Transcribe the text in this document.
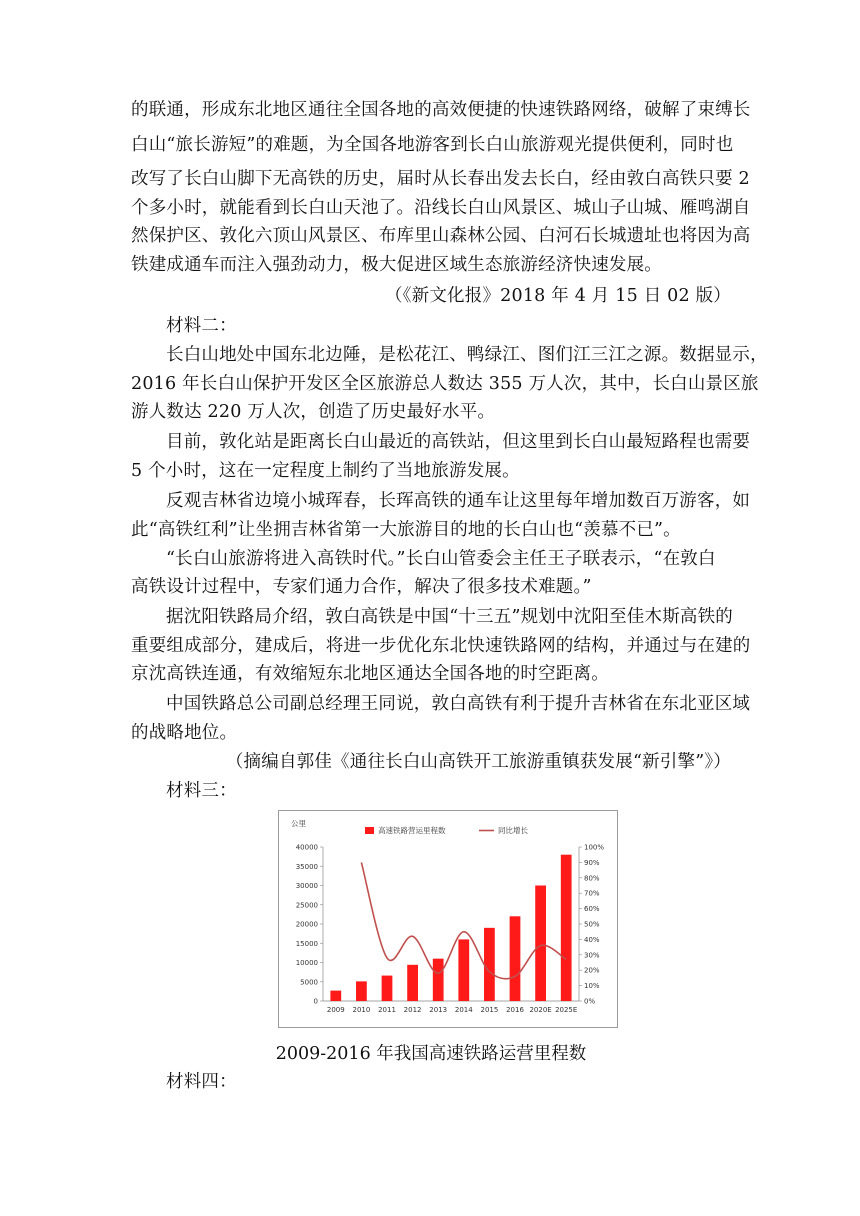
的联通，形成东北地区通往全国各地的高效便捷的快速铁路网络，破解了束缚长
白山“旅长游短”的难题，为全国各地游客到长白山旅游观光提供便利，同时也
改写了长白山脚下无高铁的历史，届时从长春出发去长白，经由敦白高铁只要 2
个多小时，就能看到长白山天池了。沿线长白山风景区、城山子山城、雁鸣湖自
然保护区、敦化六顶山风景区、布库里山森林公园、白河石长城遗址也将因为高
铁建成通车而注入强劲动力，极大促进区域生态旅游经济快速发展。
（《新文化报》2018 年 4 月 15 日 02 版）
材料二：
长白山地处中国东北边陲，是松花江、鸭绿江、图们江三江之源。数据显示，
2016 年长白山保护开发区全区旅游总人数达 355 万人次，其中，长白山景区旅
游人数达 220 万人次，创造了历史最好水平。
目前，敦化站是距离长白山最近的高铁站，但这里到长白山最短路程也需要
5 个小时，这在一定程度上制约了当地旅游发展。
反观吉林省边境小城珲春，长珲高铁的通车让这里每年增加数百万游客，如
此“高铁红利”让坐拥吉林省第一大旅游目的地的长白山也“羡慕不已”。
“长白山旅游将进入高铁时代。”长白山管委会主任王子联表示，“在敦白
高铁设计过程中，专家们通力合作，解决了很多技术难题。”
据沈阳铁路局介绍，敦白高铁是中国“十三五”规划中沈阳至佳木斯高铁的
重要组成部分，建成后，将进一步优化东北快速铁路网的结构，并通过与在建的
京沈高铁连通，有效缩短东北地区通达全国各地的时空距离。
中国铁路总公司副总经理王同说，敦白高铁有利于提升吉林省在东北亚区域
的战略地位。
（摘编自郭佳《通往长白山高铁开工旅游重镇获发展“新引擎”》）
材料三：
高速铁路营运里程数	同比增长
公里
0
5000
10000
15000
20000
25000
30000
35000
40000
0%
10%
20%
30%
40%
50%
60%
70%
80%
90%
100%
2009 2010 2011 2012 2013 2014 2015 2016 2020E 2025E
2009-2016 年我国高速铁路运营里程数
材料四：
